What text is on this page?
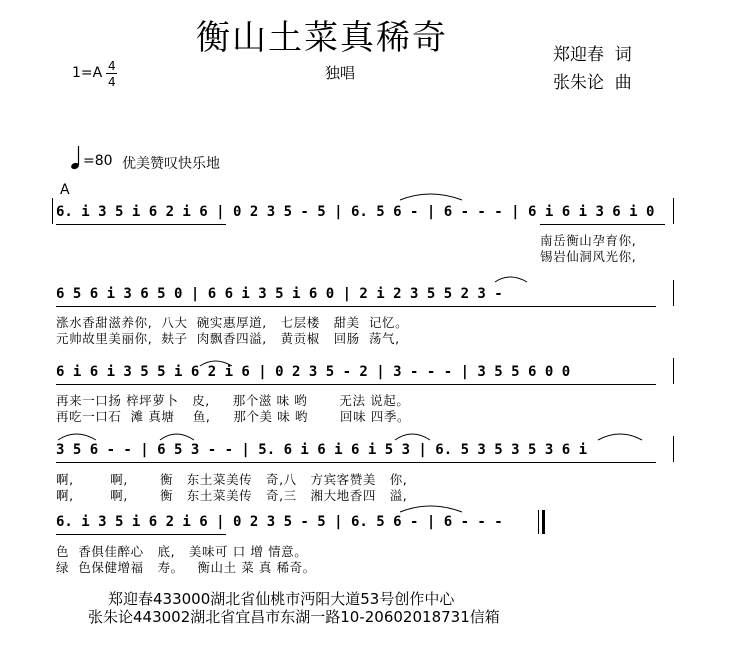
衡山土菜真稀奇	郑迎春  词
张朱论  曲
1=A 4
4	独唱
=80 优美赞叹快乐地
A
6. i 3 5 i 6 2 i 6 | 0 2 3 5 - 5 | 6. 5 6 - | 6 - - - | 6 i 6 i 3 6 i 0
南岳衡山孕育你,
锡岩仙洞风光你,
6 5 6 i 3 6 5 0 | 6 6 i 3 5 i 6 0 | 2 i 2 3 5 5 2 3 -
涨水香甜滋养你,  八大  碗实惠厚道,   七层楼   甜美  记忆。
元帅故里美丽你,  麸子  肉飘香四溢,   黄贡椒   回肠  荡气,
6 i 6 i 3 5 5 i 6 2 i 6 | 0 2 3 5 - 2 | 3 - - - | 3 5 5 6 0 0
再来一口扬 梓坪萝卜   皮,     那个滋 味 哟       无法 说起。
再吃一口石  滩 真塘    鱼,     那个美 味 哟       回味 四季。
3 5 6 - - | 6 5 3 - - | 5. 6 i 6 i 6 i 5 3 | 6. 5 3 5 3 5 3 6 i
啊,        啊,       衡   东土菜美传   奇,八   方宾客赞美   你,
啊,        啊,       衡   东土菜美传   奇,三   湘大地香四   溢,
6. i 3 5 i 6 2 i 6 | 0 2 3 5 - 5 | 6. 5 6 - | 6 - - -
色  香俱佳醉心   底,   美味可 口 增 情意。
绿  色保健增福   寿。   衡山土 菜 真 稀奇。
郑迎春433000湖北省仙桃市沔阳大道53号创作中心
张朱论443002湖北省宜昌市东湖一路10-20602018731信箱
